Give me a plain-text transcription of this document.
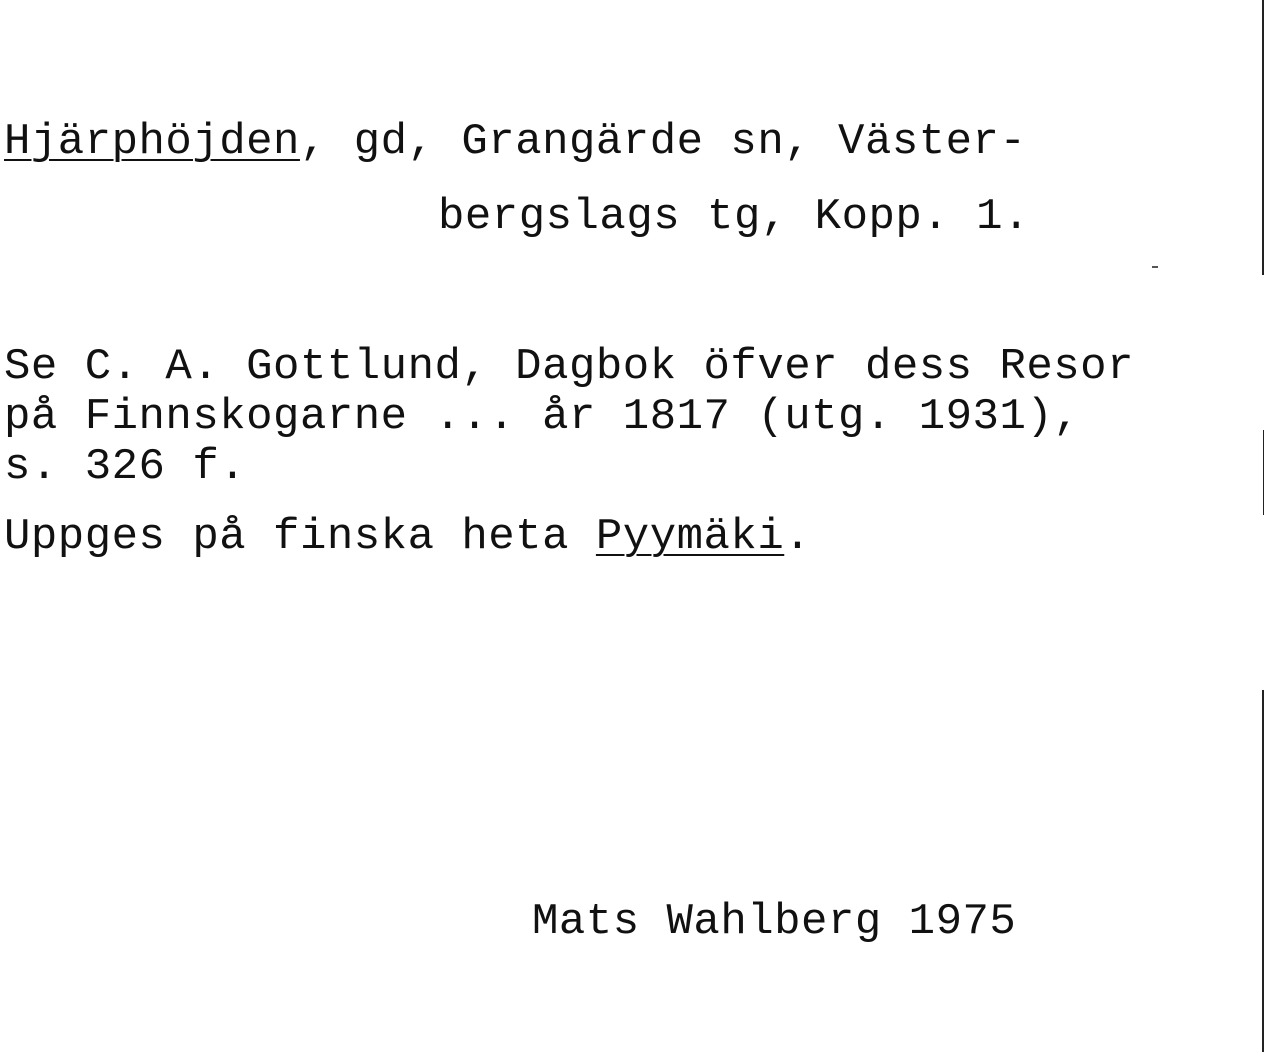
Hjärphöjden, gd, Grangärde sn, Väster-
bergslags tg, Kopp. 1.
Se C. A. Gottlund, Dagbok öfver dess Resor
på Finnskogarne ... år 1817 (utg. 1931),
s. 326 f.
Uppges på finska heta Pyymäki.
Mats Wahlberg 1975
